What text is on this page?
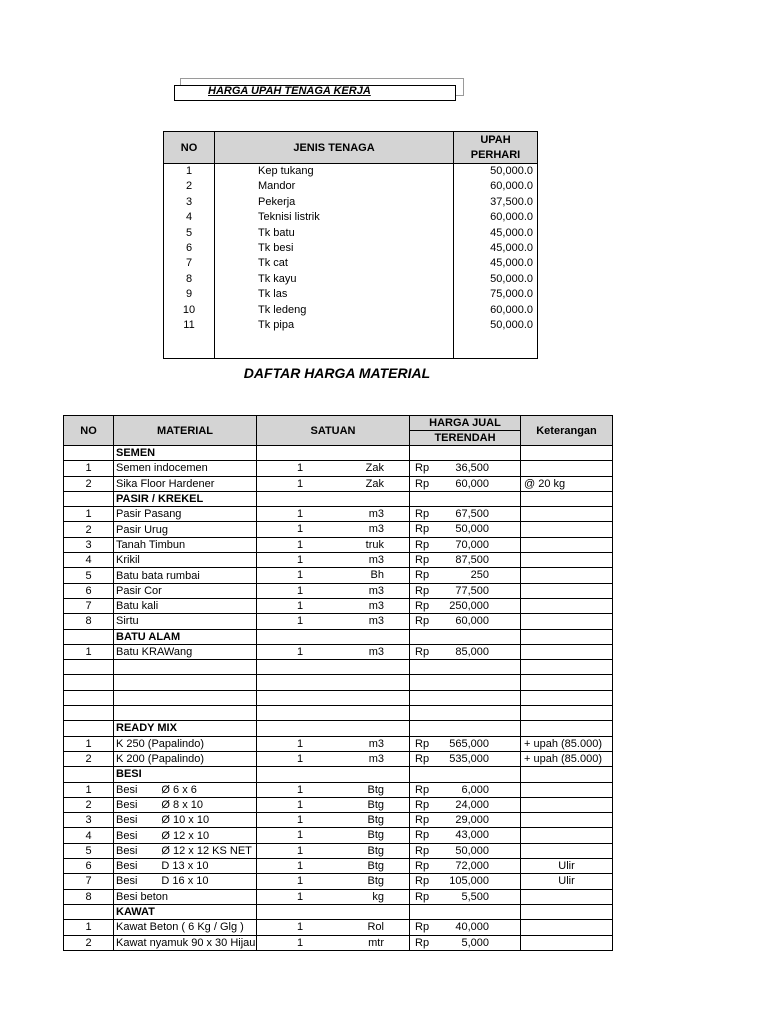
HARGA UPAH TENAGA KERJA
NO	JENIS TENAGA	UPAH
PERHARI

1	Kep tukang	50,000.0
2	Mandor	60,000.0
3	Pekerja	37,500.0
4	Teknisi listrik	60,000.0
5	Tk batu	45,000.0
6	Tk besi	45,000.0
7	Tk cat	45,000.0
8	Tk kayu	50,000.0
9	Tk las	75,000.0
10	Tk ledeng	60,000.0
11	Tk pipa	50,000.0

DAFTAR HARGA MATERIAL
NO	MATERIAL	SATUAN	HARGA JUAL	Keterangan
			TERENDAH	
	SEMEN			
1	Semen indocemen	1 Zak	Rp 36,500	

2	Sika Floor Hardener	1 Zak	Rp 60,000	@ 20 kg
	PASIR / KREKEL			
1	Pasir Pasang	1 m3	Rp 67,500	

2	Pasir Urug	1 m3	Rp 50,000	

3	Tanah Timbun	1 truk	Rp 70,000	

4	Krikil	1 m3	Rp 87,500	

5	Batu bata rumbai	1 Bh	Rp 250	

6	Pasir Cor	1 m3	Rp 77,500	

7	Batu kali	1 m3	Rp 250,000	

8	Sirtu	1 m3	Rp 60,000	

	BATU ALAM			
1	Batu KRAWang	1 m3	Rp 85,000	

	READY MIX			
1	K 250 (Papalindo)	1 m3	Rp 565,000	+ upah (85.000)
2	K 200 (Papalindo)	1 m3	Rp 535,000	+ upah (85.000)
	BESI			
1	Besi Ø 6 x 6	1 Btg	Rp 6,000	

2	Besi Ø 8 x 10	1 Btg	Rp 24,000	

3	Besi Ø 10 x 10	1 Btg	Rp 29,000	

4	Besi Ø 12 x 10	1 Btg	Rp 43,000	

5	Besi Ø 12 x 12 KS NET	1 Btg	Rp 50,000	

6	Besi D 13 x 10	1 Btg	Rp 72,000	Ulir
7	Besi D 16 x 10	1 Btg	Rp 105,000	Ulir
8	Besi beton	1 kg	Rp 5,500	

	KAWAT			
1	Kawat Beton ( 6 Kg / Glg )	1 Rol	Rp 40,000	

2	Kawat nyamuk 90 x 30 Hijau	1 mtr	Rp 5,000	
